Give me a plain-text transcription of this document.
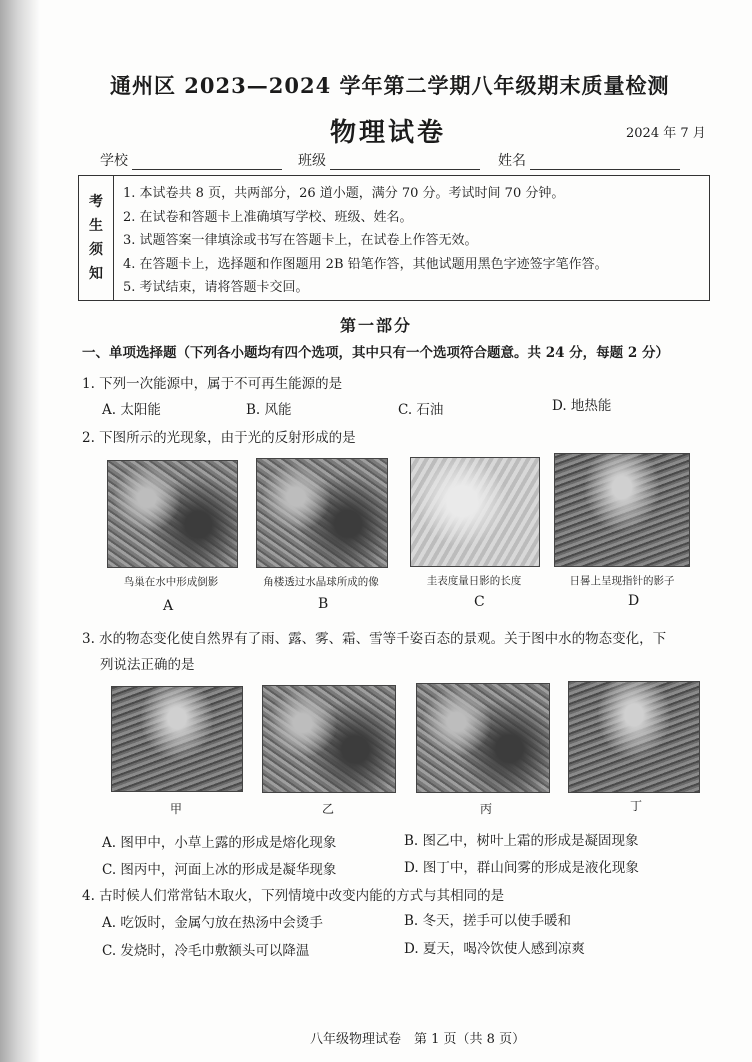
通州区 2023—2024 学年第二学期八年级期末质量检测
物理试卷	2024 年 7 月
学校	班级	姓名
考
生
须
知
1. 本试卷共 8 页，共两部分，26 道小题，满分 70 分。考试时间 70 分钟。
2. 在试卷和答题卡上准确填写学校、班级、姓名。
3. 试题答案一律填涂或书写在答题卡上，在试卷上作答无效。
4. 在答题卡上，选择题和作图题用 2B 铅笔作答，其他试题用黑色字迹签字笔作答。
5. 考试结束，请将答题卡交回。
第一部分
一、单项选择题（下列各小题均有四个选项，其中只有一个选项符合题意。共 24 分，每题 2 分）
1. 下列一次能源中，属于不可再生能源的是
A. 太阳能	B. 风能	C. 石油	D. 地热能
2. 下图所示的光现象，由于光的反射形成的是
鸟巢在水中形成倒影	角楼透过水晶球所成的像	圭表度量日影的长度	日晷上呈现指针的影子
A	B	C	D
3. 水的物态变化使自然界有了雨、露、雾、霜、雪等千姿百态的景观。关于图中水的物态变化，下
列说法正确的是
甲	乙	丙	丁
A. 图甲中，小草上露的形成是熔化现象	B. 图乙中，树叶上霜的形成是凝固现象
C. 图丙中，河面上冰的形成是凝华现象	D. 图丁中，群山间雾的形成是液化现象
4. 古时候人们常常钻木取火，下列情境中改变内能的方式与其相同的是
A. 吃饭时，金属勺放在热汤中会烫手	B. 冬天，搓手可以使手暖和
C. 发烧时，冷毛巾敷额头可以降温	D. 夏天，喝冷饮使人感到凉爽
八年级物理试卷　第 1 页（共 8 页）
